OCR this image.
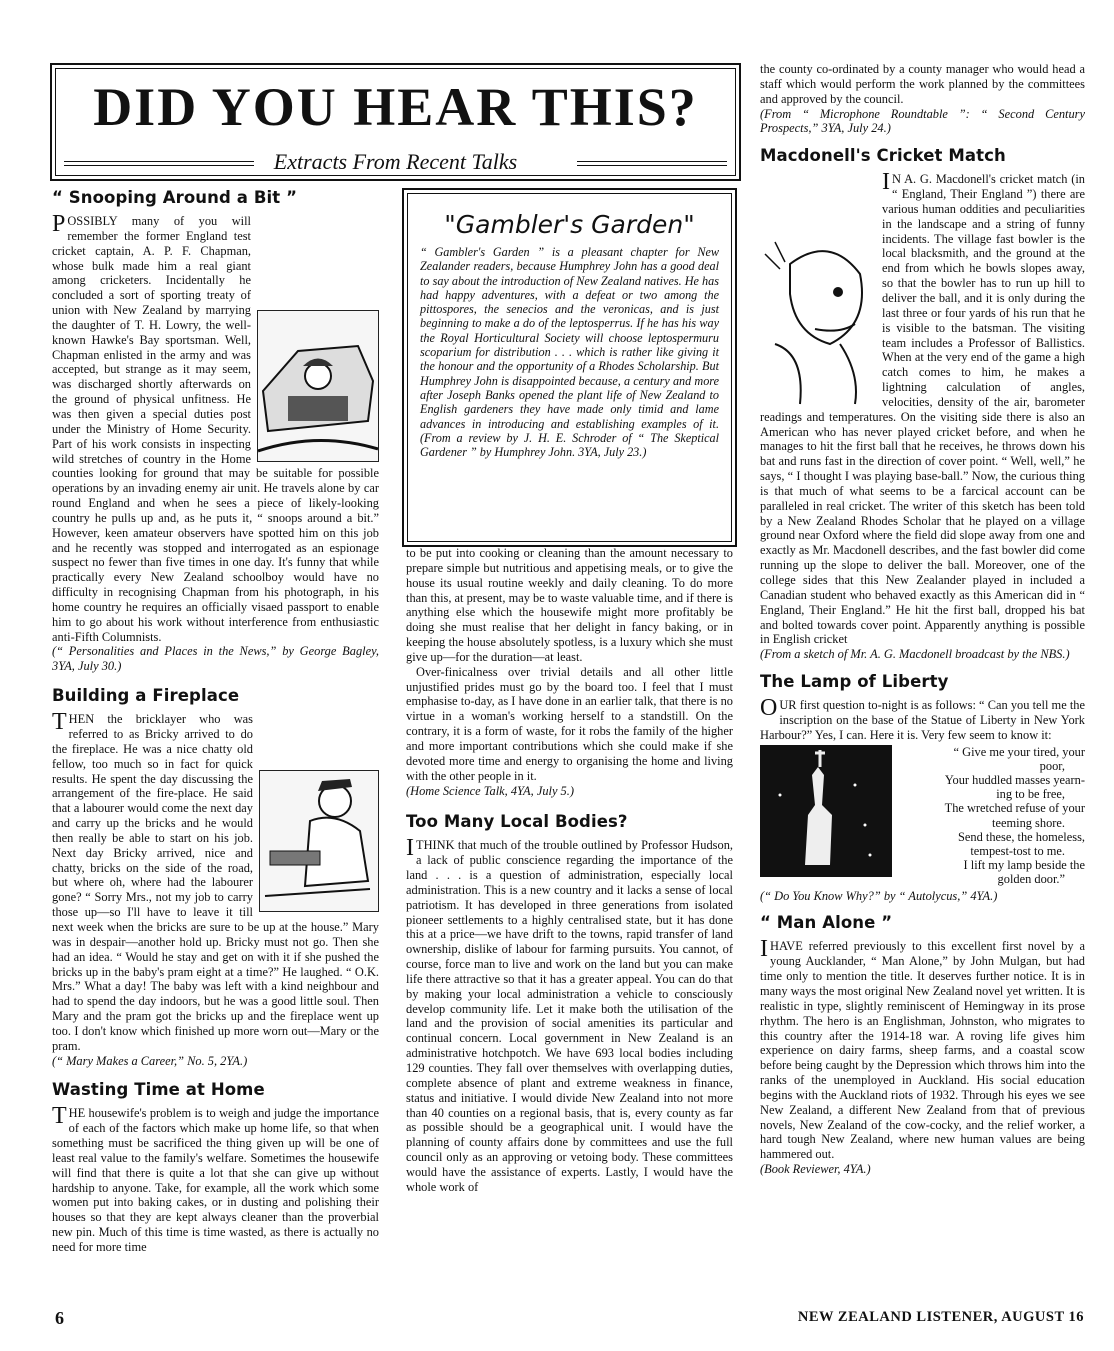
DID YOU HEAR THIS?
Extracts From Recent Talks
“ Snooping Around a Bit ”

POSSIBLY many of you will remember the former England test cricket captain, A. P. F. Chapman, whose bulk made him a real giant among cricketers. Incidentally he concluded a sort of sporting treaty of union with New Zealand by marrying the daughter of T. H. Lowry, the well-known Hawke's Bay sportsman. Well, Chapman enlisted in the army and was accepted, but strange as it may seem, was discharged shortly afterwards on the ground of physical unfitness. He was then given a special duties post under the Ministry of Home Security. Part of his work consists in inspecting wild stretches of country in the Home counties looking for ground that may be suitable for possible operations by an invading enemy air unit. He travels alone by car round England and when he sees a piece of likely-looking country he pulls up and, as he puts it, “ snoops around a bit.” However, keen amateur observers have spotted him on this job and he recently was stopped and interrogated as an espionage suspect no fewer than five times in one day. It's funny that while practically every New Zealand schoolboy would have no difficulty in recognising Chapman from his photograph, in his home country he requires an officially visaed passport to enable him to go about his work without interference from enthusiastic anti-Fifth Columnists.

(“ Personalities and Places in the News,” by George Bagley, 3YA, July 30.)

Building a Fireplace

THEN the bricklayer who was referred to as Bricky arrived to do the fireplace. He was a nice chatty old fellow, too much so in fact for quick results. He spent the day discussing the arrangement of the fire-place. He said that a labourer would come the next day and carry up the bricks and he would then really be able to start on his job. Next day Bricky arrived, nice and chatty, bricks on the side of the road, but where oh, where had the labourer gone? “ Sorry Mrs., not my job to carry those up—so I'll have to leave it till next week when the bricks are sure to be up at the house.” Mary was in despair—another hold up. Bricky must not go. Then she had an idea. “ Would he stay and get on with it if she pushed the bricks up in the baby's pram eight at a time?” He laughed. “ O.K. Mrs.” What a day! The baby was left with a kind neighbour and had to spend the day indoors, but he was a good little soul. Then Mary and the pram got the bricks up and the fireplace went up too. I don't know which finished up more worn out—Mary or the pram.

(“ Mary Makes a Career,” No. 5, 2YA.)

Wasting Time at Home

THE housewife's problem is to weigh and judge the importance of each of the factors which make up home life, so that when something must be sacrificed the thing given up will be one of least real value to the family's welfare. Sometimes the housewife will find that there is quite a lot that she can give up without hardship to anyone. Take, for example, all the work which some women put into baking cakes, or in dusting and polishing their houses so that they are kept always cleaner than the proverbial new pin. Much of this time is time wasted, as there is actually no need for more time

"Gambler's Garden"

“ Gambler's Garden ” is a pleasant chapter for New Zealander readers, because Humphrey John has a good deal to say about the introduction of New Zealand natives. He has had happy adventures, with a defeat or two among the pittospores, the senecios and the veronicas, and is just beginning to make a do of the leptosperrus. If he has his way the Royal Horticultural Society will choose leptospermuru scoparium for distribution . . . which is rather like giving it the honour and the opportunity of a Rhodes Scholarship. But Humphrey John is disappointed because, a century and more after Joseph Banks opened the plant life of New Zealand to English gardeners they have made only timid and lame advances in introducing and establishing examples of it. (From a review by J. H. E. Schroder of “ The Skeptical Gardener ” by Humphrey John. 3YA, July 23.)

to be put into cooking or cleaning than the amount necessary to prepare simple but nutritious and appetising meals, or to give the house its usual routine weekly and daily cleaning. To do more than this, at present, may be to waste valuable time, and if there is anything else which the housewife might more profitably be doing she must realise that her delight in fancy baking, or in keeping the house absolutely spotless, is a luxury which she must give up—for the duration—at least.

Over-finicalness over trivial details and all other little unjustified prides must go by the board too. I feel that I must emphasise to-day, as I have done in an earlier talk, that there is no virtue in a woman's working herself to a standstill. On the contrary, it is a form of waste, for it robs the family of the higher and more important contributions which she could make if she devoted more time and energy to organising the home and living with the other people in it.

(Home Science Talk, 4YA, July 5.)

Too Many Local Bodies?

ITHINK that much of the trouble outlined by Professor Hudson, a lack of public conscience regarding the importance of the land . . . is a question of administration, especially local administration. This is a new country and it lacks a sense of local patriotism. It has developed in three generations from isolated pioneer settlements to a highly centralised state, but it has done this at a price—we have drift to the towns, rapid transfer of land ownership, dislike of labour for farming pursuits. You cannot, of course, force man to live and work on the land but you can make life there attractive so that it has a greater appeal. You can do that by making your local administration a vehicle to consciously develop community life. Let it make both the utilisation of the land and the provision of social amenities its particular and continual concern. Local government in New Zealand is an administrative hotchpotch. We have 693 local bodies including 129 counties. They fall over themselves with overlapping duties, complete absence of plant and extreme weakness in finance, status and initiative. I would divide New Zealand into not more than 40 counties on a regional basis, that is, every county as far as possible should be a geographical unit. I would have the planning of county affairs done by committees and use the full council only as an approving or vetoing body. These committees would have the assistance of experts. Lastly, I would have the whole work of

the county co-ordinated by a county manager who would head a staff which would perform the work planned by the committees and approved by the council.

(From “ Microphone Roundtable ”: “ Second Century Prospects,” 3YA, July 24.)

Macdonell's Cricket Match

IN A. G. Macdonell's cricket match (in “ England, Their England ”) there are various human oddities and peculiarities in the landscape and a string of funny incidents. The village fast bowler is the local blacksmith, and the ground at the end from which he bowls slopes away, so that the bowler has to run up hill to deliver the ball, and it is only during the last three or four yards of his run that he is visible to the batsman. The visiting team includes a Professor of Ballistics. When at the very end of the game a high catch comes to him, he makes a lightning calculation of angles, velocities, density of the air, barometer readings and temperatures. On the visiting side there is also an American who has never played cricket before, and when he manages to hit the first ball that he receives, he throws down his bat and runs fast in the direction of cover point. “ Well, well,” he says, “ I thought I was playing base-ball.” Now, the curious thing is that much of what seems to be a farcical account can be paralleled in real cricket. The writer of this sketch has been told by a New Zealand Rhodes Scholar that he played on a village ground near Oxford where the field did slope away from one and exactly as Mr. Macdonell describes, and the fast bowler did come running up the slope to deliver the ball. Moreover, one of the college sides that this New Zealander played in included a Canadian student who behaved exactly as this American did in “ England, Their England.” He hit the first ball, dropped his bat and bolted towards cover point. Apparently anything is possible in English cricket

(From a sketch of Mr. A. G. Macdonell broadcast by the NBS.)

The Lamp of Liberty

OUR first question to-night is as follows: “ Can you tell me the inscription on the base of the Statue of Liberty in New York Harbour?” Yes, I can. Here it is. Very few seem to know it:

“ Give me your tired, your
poor,
Your huddled masses yearn-
ing to be free,
The wretched refuse of your
teeming shore.
Send these, the homeless,
tempest-tost to me.
I lift my lamp beside the
golden door.”

(“ Do You Know Why?” by “ Autolycus,” 4YA.)

“ Man Alone ”

IHAVE referred previously to this excellent first novel by a young Aucklander, “ Man Alone,” by John Mulgan, but had time only to mention the title. It deserves further notice. It is in many ways the most original New Zealand novel yet written. It is realistic in type, slightly reminiscent of Hemingway in its prose rhythm. The hero is an Englishman, Johnston, who migrates to this country after the 1914-18 war. A roving life gives him experience on dairy farms, sheep farms, and a coastal scow before being caught by the Depression which throws him into the ranks of the unemployed in Auckland. His social education begins with the Auckland riots of 1932. Through his eyes we see New Zealand, a different New Zealand from that of previous novels, New Zealand of the cow-cocky, and the relief worker, a hard tough New Zealand, where new human values are being hammered out.

(Book Reviewer, 4YA.)

6	NEW ZEALAND LISTENER, AUGUST 16
